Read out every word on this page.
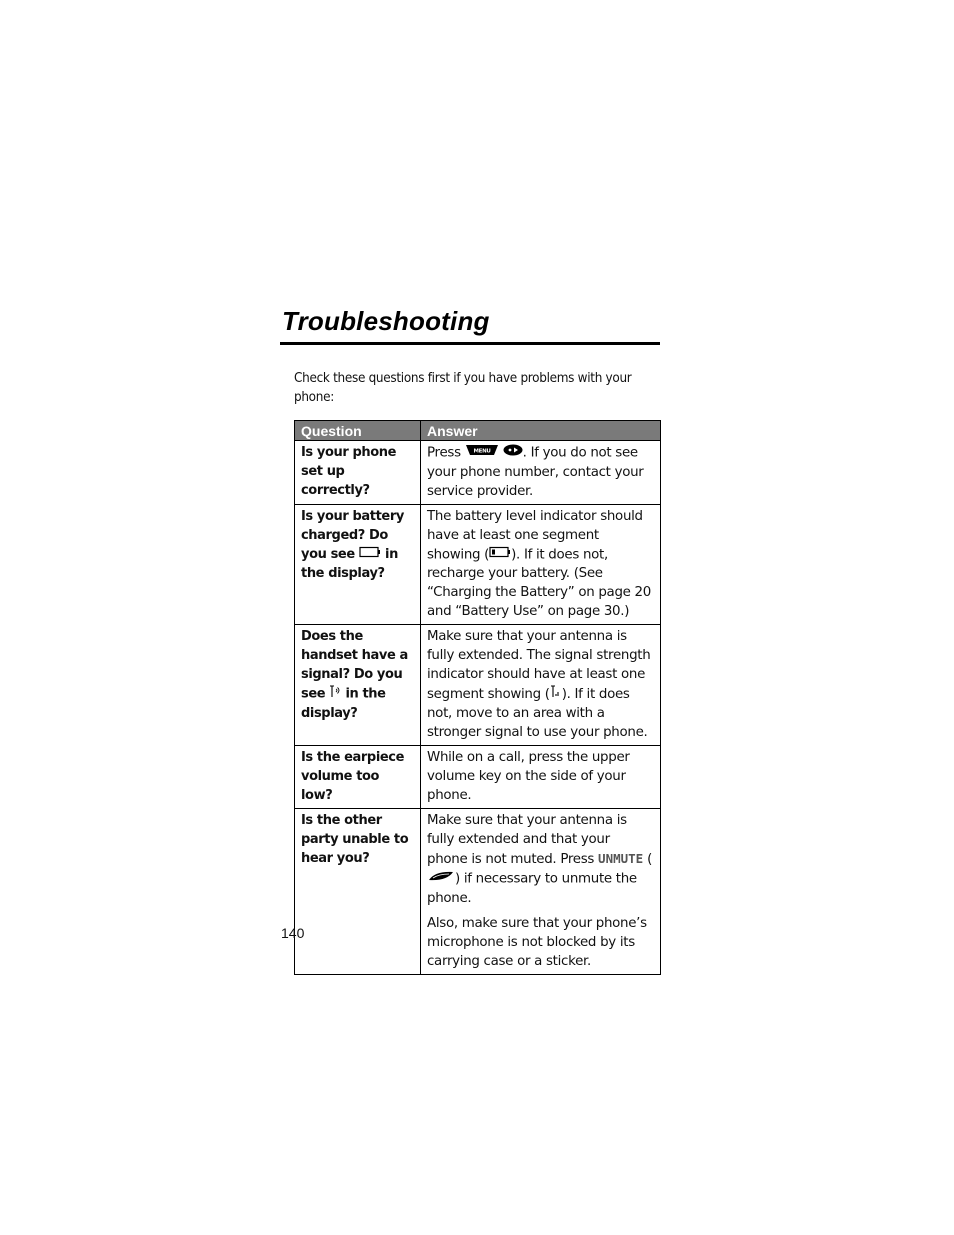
Troubleshooting
Check these questions first if you have problems with your phone:
Question	Answer
Is your phone set up correctly?	Press MENU . If you do not see your phone number, contact your service provider.
Is your battery charged? Do you see  in the display?	The battery level indicator should have at least one segment showing ( ). If it does not, recharge your battery. (See “Charging the Battery” on page 20 and “Battery Use” on page 30.)
Does the handset have a signal? Do you see  in the display?	Make sure that your antenna is fully extended. The signal strength indicator should have at least one segment showing ( ). If it does not, move to an area with a stronger signal to use your phone.
Is the earpiece volume too low?	While on a call, press the upper volume key on the side of your phone.
Is the other party unable to hear you?	Make sure that your antenna is fully extended and that your phone is not muted. Press UNMUTE () if necessary to unmute the phone.
Also, make sure that your phone’s microphone is not blocked by its carrying case or a sticker.
140
